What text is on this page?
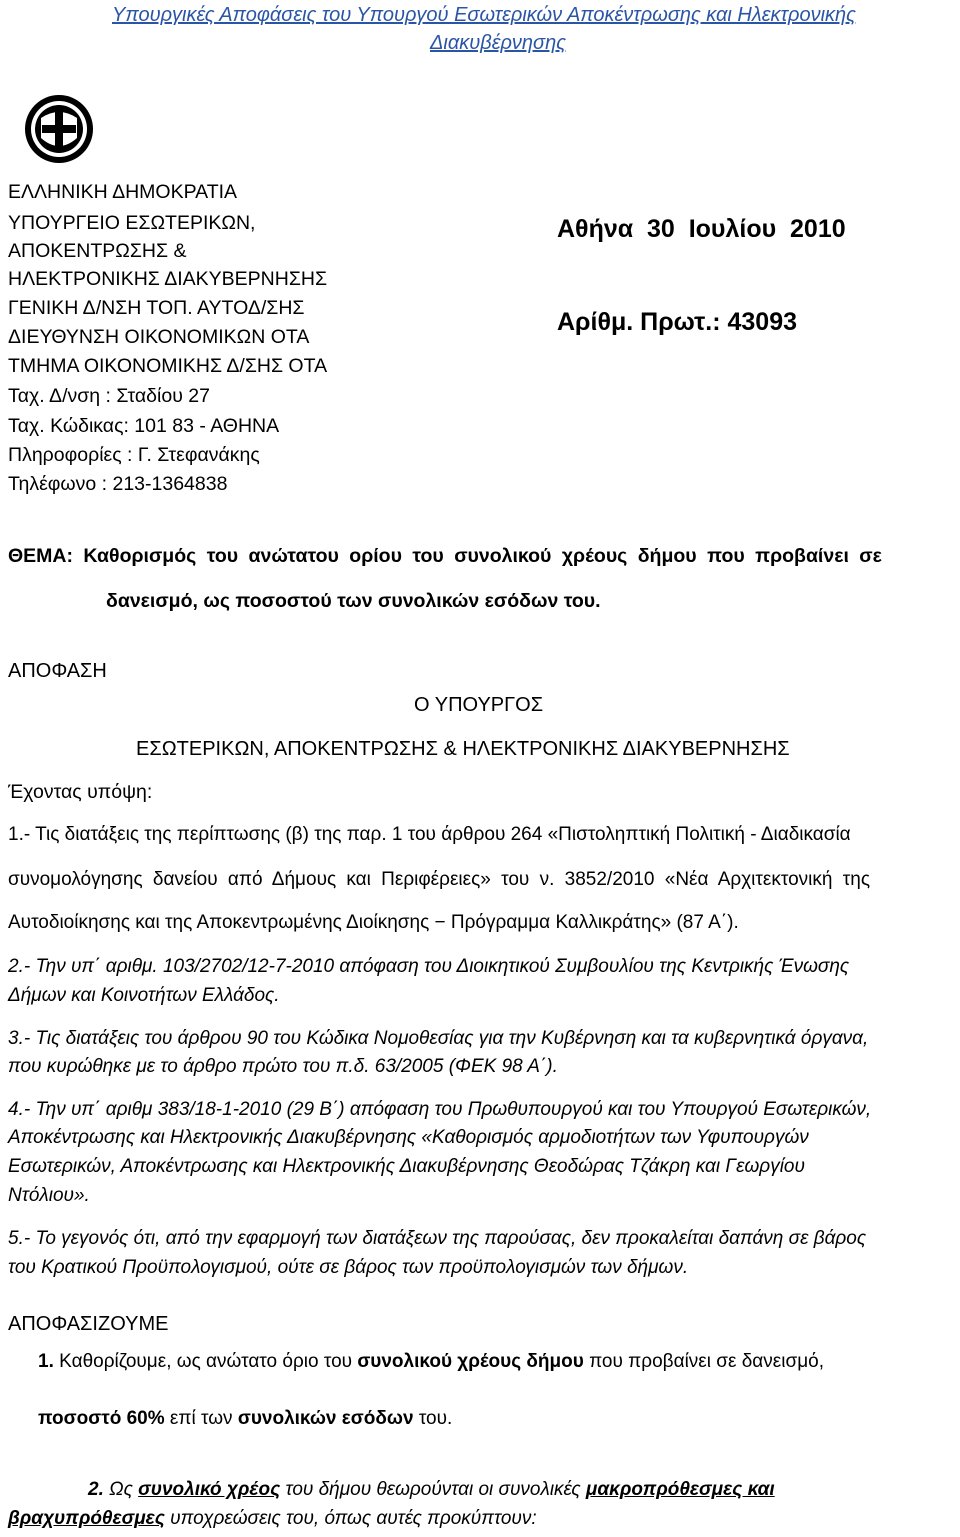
Υπουργικές Αποφάσεις του Υπουργού Εσωτερικών Αποκέντρωσης και Ηλεκτρονικής
Διακυβέρνησης
ΕΛΛΗΝΙΚΗ ΔΗΜΟΚΡΑΤΙΑ
ΥΠΟΥΡΓΕΙΟ ΕΣΩΤΕΡΙΚΩΝ,
ΑΠΟΚΕΝΤΡΩΣΗΣ &
ΗΛΕΚΤΡΟΝΙΚΗΣ ΔΙΑΚΥΒΕΡΝΗΣΗΣ
ΓΕΝΙΚΗ Δ/ΝΣΗ ΤΟΠ. ΑΥΤΟΔ/ΣΗΣ
ΔΙΕΥΘΥΝΣΗ ΟΙΚΟΝΟΜΙΚΩΝ ΟΤΑ
ΤΜΗΜΑ ΟΙΚΟΝΟΜΙΚΗΣ Δ/ΣΗΣ ΟΤΑ
Ταχ. Δ/νση : Σταδίου 27
Ταχ. Κώδικας: 101 83 - ΑΘΗΝΑ
Πληροφορίες : Γ. Στεφανάκης
Τηλέφωνο : 213-1364838
Αθήνα  30  Ιουλίου  2010
Αρίθμ. Πρωτ.: 43093
ΘΕΜΑ: Καθορισμός του ανώτατου ορίου του συνολικού χρέους δήμου που προβαίνει σε
δανεισμό, ως ποσοστού των συνολικών εσόδων του.
ΑΠΟΦΑΣΗ
Ο ΥΠΟΥΡΓΟΣ
ΕΣΩΤΕΡΙΚΩΝ, ΑΠΟΚΕΝΤΡΩΣΗΣ & ΗΛΕΚΤΡΟΝΙΚΗΣ ΔΙΑΚΥΒΕΡΝΗΣΗΣ
Έχοντας υπόψη:
1.- Τις διατάξεις της περίπτωσης (β) της παρ. 1 του άρθρου 264 «Πιστοληπτική Πολιτική - Διαδικασία
συνομολόγησης δανείου από Δήμους και Περιφέρειες» του ν. 3852/2010 «Νέα Αρχιτεκτονική της
Αυτοδιοίκησης και της Αποκεντρωμένης Διοίκησης − Πρόγραμμα Καλλικράτης» (87 Α΄).
2.- Την υπ΄ αριθμ. 103/2702/12-7-2010 απόφαση του Διοικητικού Συμβουλίου της Κεντρικής Ένωσης
Δήμων και Κοινοτήτων Ελλάδος.
3.- Τις διατάξεις του άρθρου 90 του Κώδικα Νομοθεσίας για την Κυβέρνηση και τα κυβερνητικά όργανα,
που κυρώθηκε με το άρθρο πρώτο του π.δ. 63/2005 (ΦΕΚ 98 Α΄).
4.- Την υπ΄ αριθμ 383/18-1-2010 (29 Β΄) απόφαση του Πρωθυπουργού και του Υπουργού Εσωτερικών,
Αποκέντρωσης και Ηλεκτρονικής Διακυβέρνησης «Καθορισμός αρμοδιοτήτων των Υφυπουργών
Εσωτερικών, Αποκέντρωσης και Ηλεκτρονικής Διακυβέρνησης Θεοδώρας Τζάκρη και Γεωργίου
Ντόλιου».
5.- Το γεγονός ότι, από την εφαρμογή των διατάξεων της παρούσας, δεν προκαλείται δαπάνη σε βάρος
του Κρατικού Προϋπολογισμού, ούτε σε βάρος των προϋπολογισμών των δήμων.
ΑΠΟΦΑΣΙΖΟΥΜΕ
1. Καθορίζουμε, ως ανώτατο όριο του συνολικού χρέους δήμου που προβαίνει σε δανεισμό,
ποσοστό 60% επί των συνολικών εσόδων του.
2. Ως συνολικό χρέος του δήμου θεωρούνται οι συνολικές μακροπρόθεσμες και
βραχυπρόθεσμες υποχρεώσεις του, όπως αυτές προκύπτουν:
